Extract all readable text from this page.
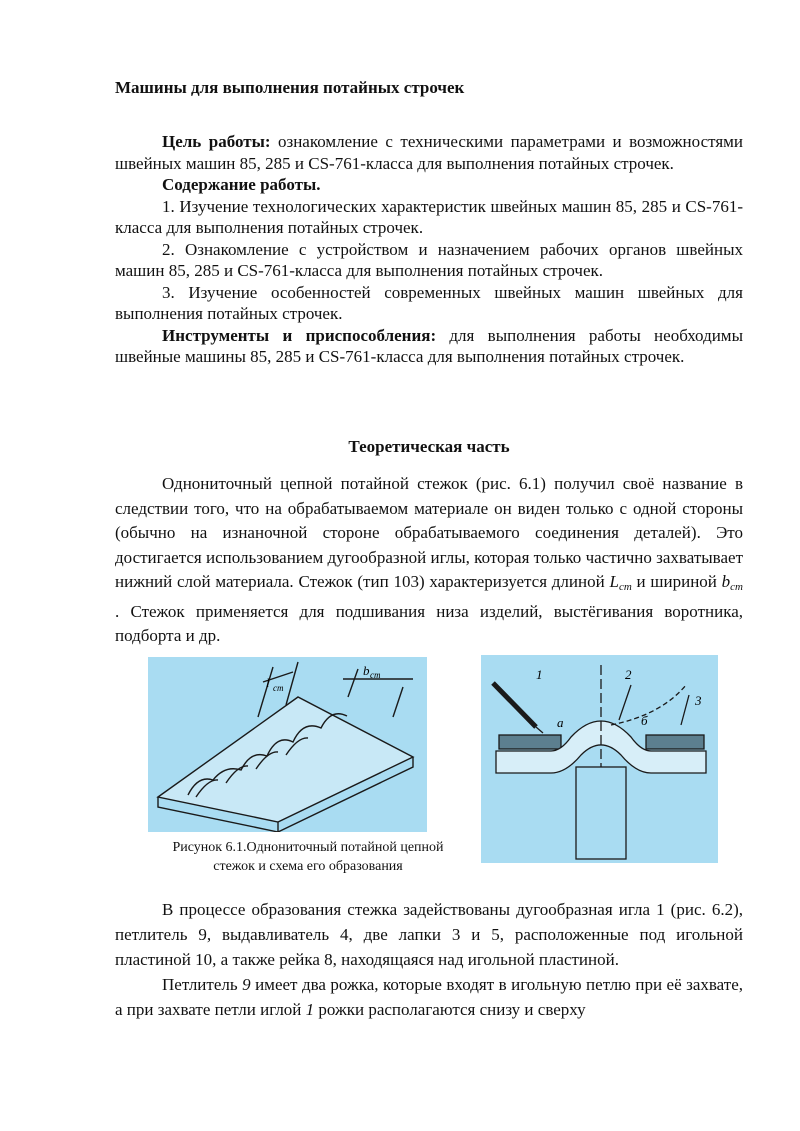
Машины для выполнения потайных строчек

Цель работы: ознакомление с техническими параметрами и возможностями швейных машин 85, 285 и CS-761-класса для выполнения потайных строчек.

Содержание работы.

1. Изучение технологических характеристик швейных машин 85, 285 и CS-761-класса для выполнения потайных строчек.

2. Ознакомление с устройством и назначением рабочих органов швейных машин 85, 285 и CS-761-класса для выполнения потайных строчек.

3. Изучение особенностей современных швейных машин швейных для выполнения потайных строчек.

Инструменты и приспособления: для выполнения работы необходимы швейные машины 85, 285 и CS-761-класса для выполнения потайных строчек.

Теоретическая часть

Однониточный цепной потайной стежок (рис. 6.1) получил своё название в следствии того, что на обрабатываемом материале он виден только с одной стороны (обычно на изнаночной стороне обрабатываемого соединения деталей). Это достигается использованием дугообразной иглы, которая только частично захватывает нижний слой материала. Стежок (тип 103) характеризуется длиной Lст и шириной bст . Стежок применяется для подшивания низа изделий, выстёгивания воротника, подборта и др.

В процессе образования стежка задействованы дугообразная игла 1 (рис. 6.2), петлитель 9, выдавливатель 4, две лапки 3 и 5, расположенные под игольной пластиной 10, а также рейка 8, находящаяся над игольной пластиной.

Петлитель 9 имеет два рожка, которые входят в игольную петлю при её захвате, а при захвате петли иглой 1 рожки располагаются снизу и сверху

l ст
b ст	1	2
3
а	б
Рисунок 6.1.Однониточный потайной цепной
стежок и схема его образования
